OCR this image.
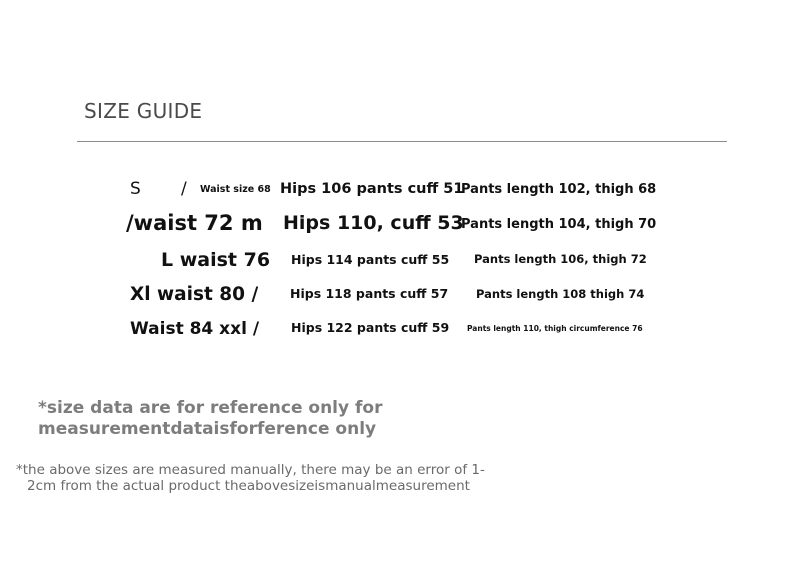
SIZE GUIDE
S / Waist size 68 Hips 106 pants cuff 51
Pants length 102, thigh 68
/waist 72 m Hips 110, cuff 53
Pants length 104, thigh 70
L waist 76 Hips 114 pants cuff 55 Pants length 106, thigh 72
Xl waist 80 /	Hips 118 pants cuff 57 Pants length 108 thigh 74
Waist 84 xxl /	Hips 122 pants cuff 59 Pants length 110, thigh circumference 76
*size data are for reference only for
measurementdataisforference only
*the above sizes are measured manually, there may be an error of 1-
2cm from the actual product theabovesizeismanualmeasurement
